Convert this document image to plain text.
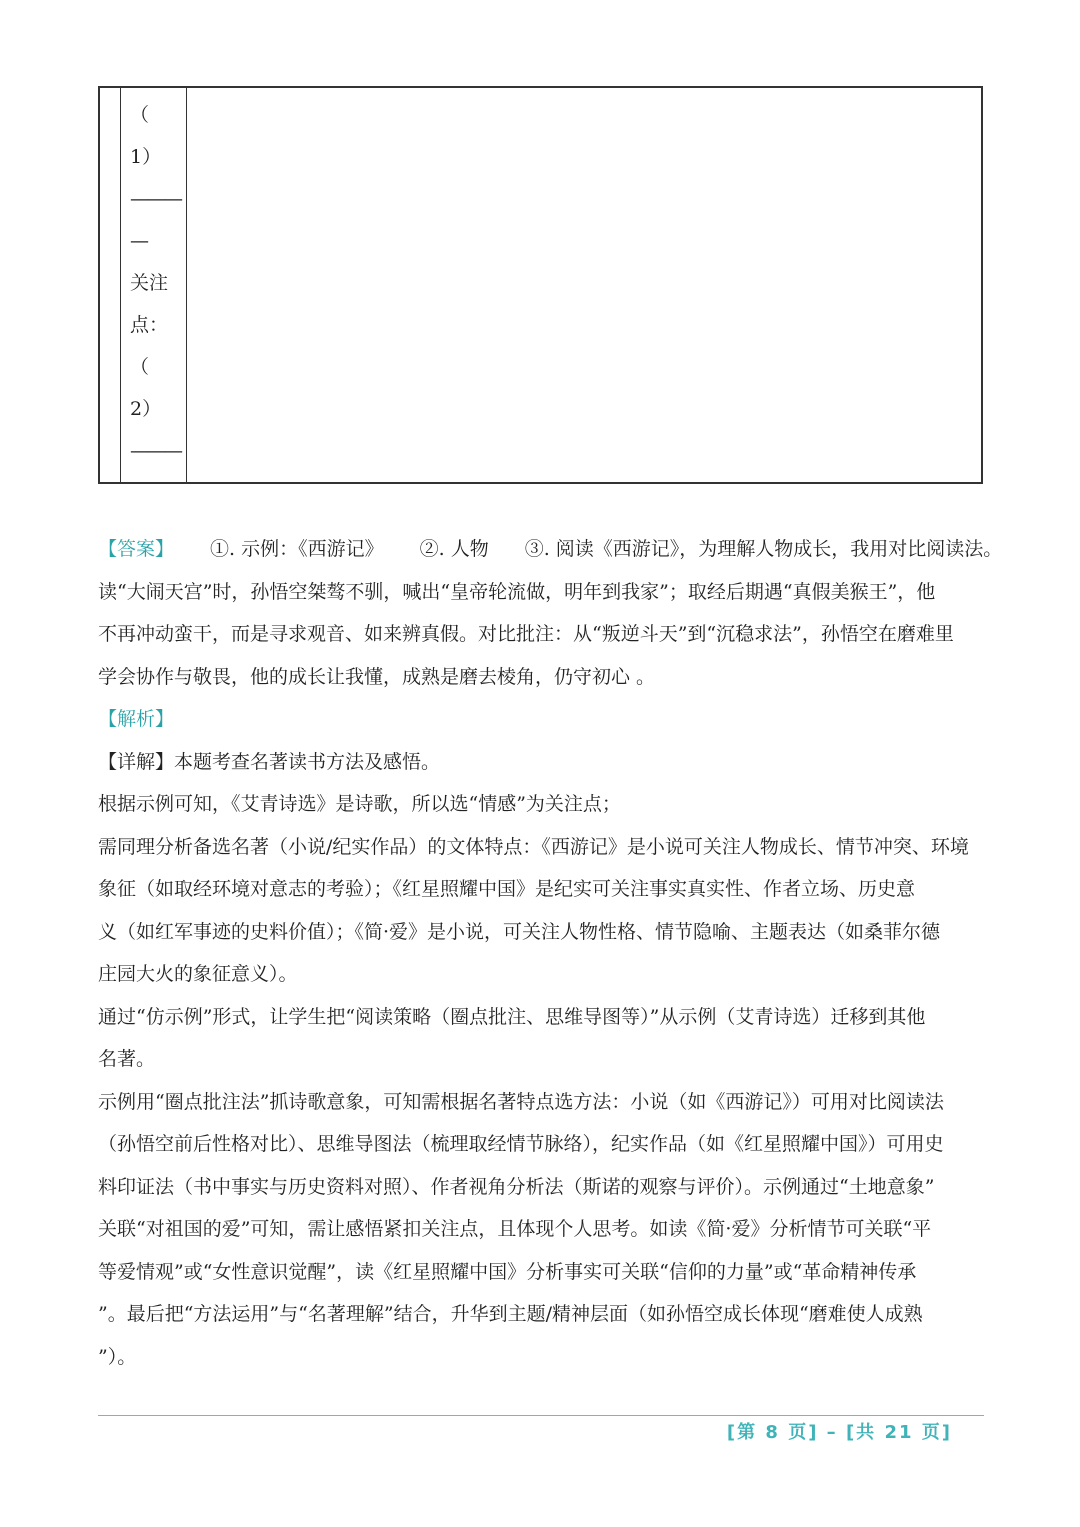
（
1）
———
—
关注
点：
（
2）
———
【答案】 ①. 示例：《西游记》 ②. 人物 ③. 阅读《西游记》，为理解人物成长，我用对比阅读法。
读“大闹天宫”时，孙悟空桀骜不驯，喊出“皇帝轮流做，明年到我家”；取经后期遇“真假美猴王”，他
不再冲动蛮干，而是寻求观音、如来辨真假。对比批注：从“叛逆斗天”到“沉稳求法”，孙悟空在磨难里
学会协作与敬畏，他的成长让我懂，成熟是磨去棱角，仍守初心 。
【解析】
【详解】本题考查名著读书方法及感悟。
根据示例可知，《艾青诗选》是诗歌，所以选“情感”为关注点；
需同理分析备选名著（小说/纪实作品）的文体特点：《西游记》是小说可关注人物成长、情节冲突、环境
象征（如取经环境对意志的考验）；《红星照耀中国》是纪实可关注事实真实性、作者立场、历史意
义（如红军事迹的史料价值）；《简·爱》是小说，可关注人物性格、情节隐喻、主题表达（如桑菲尔德
庄园大火的象征意义）。
通过“仿示例”形式，让学生把“阅读策略（圈点批注、思维导图等）”从示例（艾青诗选）迁移到其他
名著。
示例用“圈点批注法”抓诗歌意象，可知需根据名著特点选方法：小说（如《西游记》）可用对比阅读法
（孙悟空前后性格对比）、思维导图法（梳理取经情节脉络），纪实作品（如《红星照耀中国》）可用史
料印证法（书中事实与历史资料对照）、作者视角分析法（斯诺的观察与评价）。示例通过“土地意象”
关联“对祖国的爱”可知，需让感悟紧扣关注点，且体现个人思考。如读《简·爱》分析情节可关联“平
等爱情观”或“女性意识觉醒”，读《红星照耀中国》分析事实可关联“信仰的力量”或“革命精神传承
”。最后把“方法运用”与“名著理解”结合，升华到主题/精神层面（如孙悟空成长体现“磨难使人成熟
”）。
[第 8 页] – [共 21 页]
